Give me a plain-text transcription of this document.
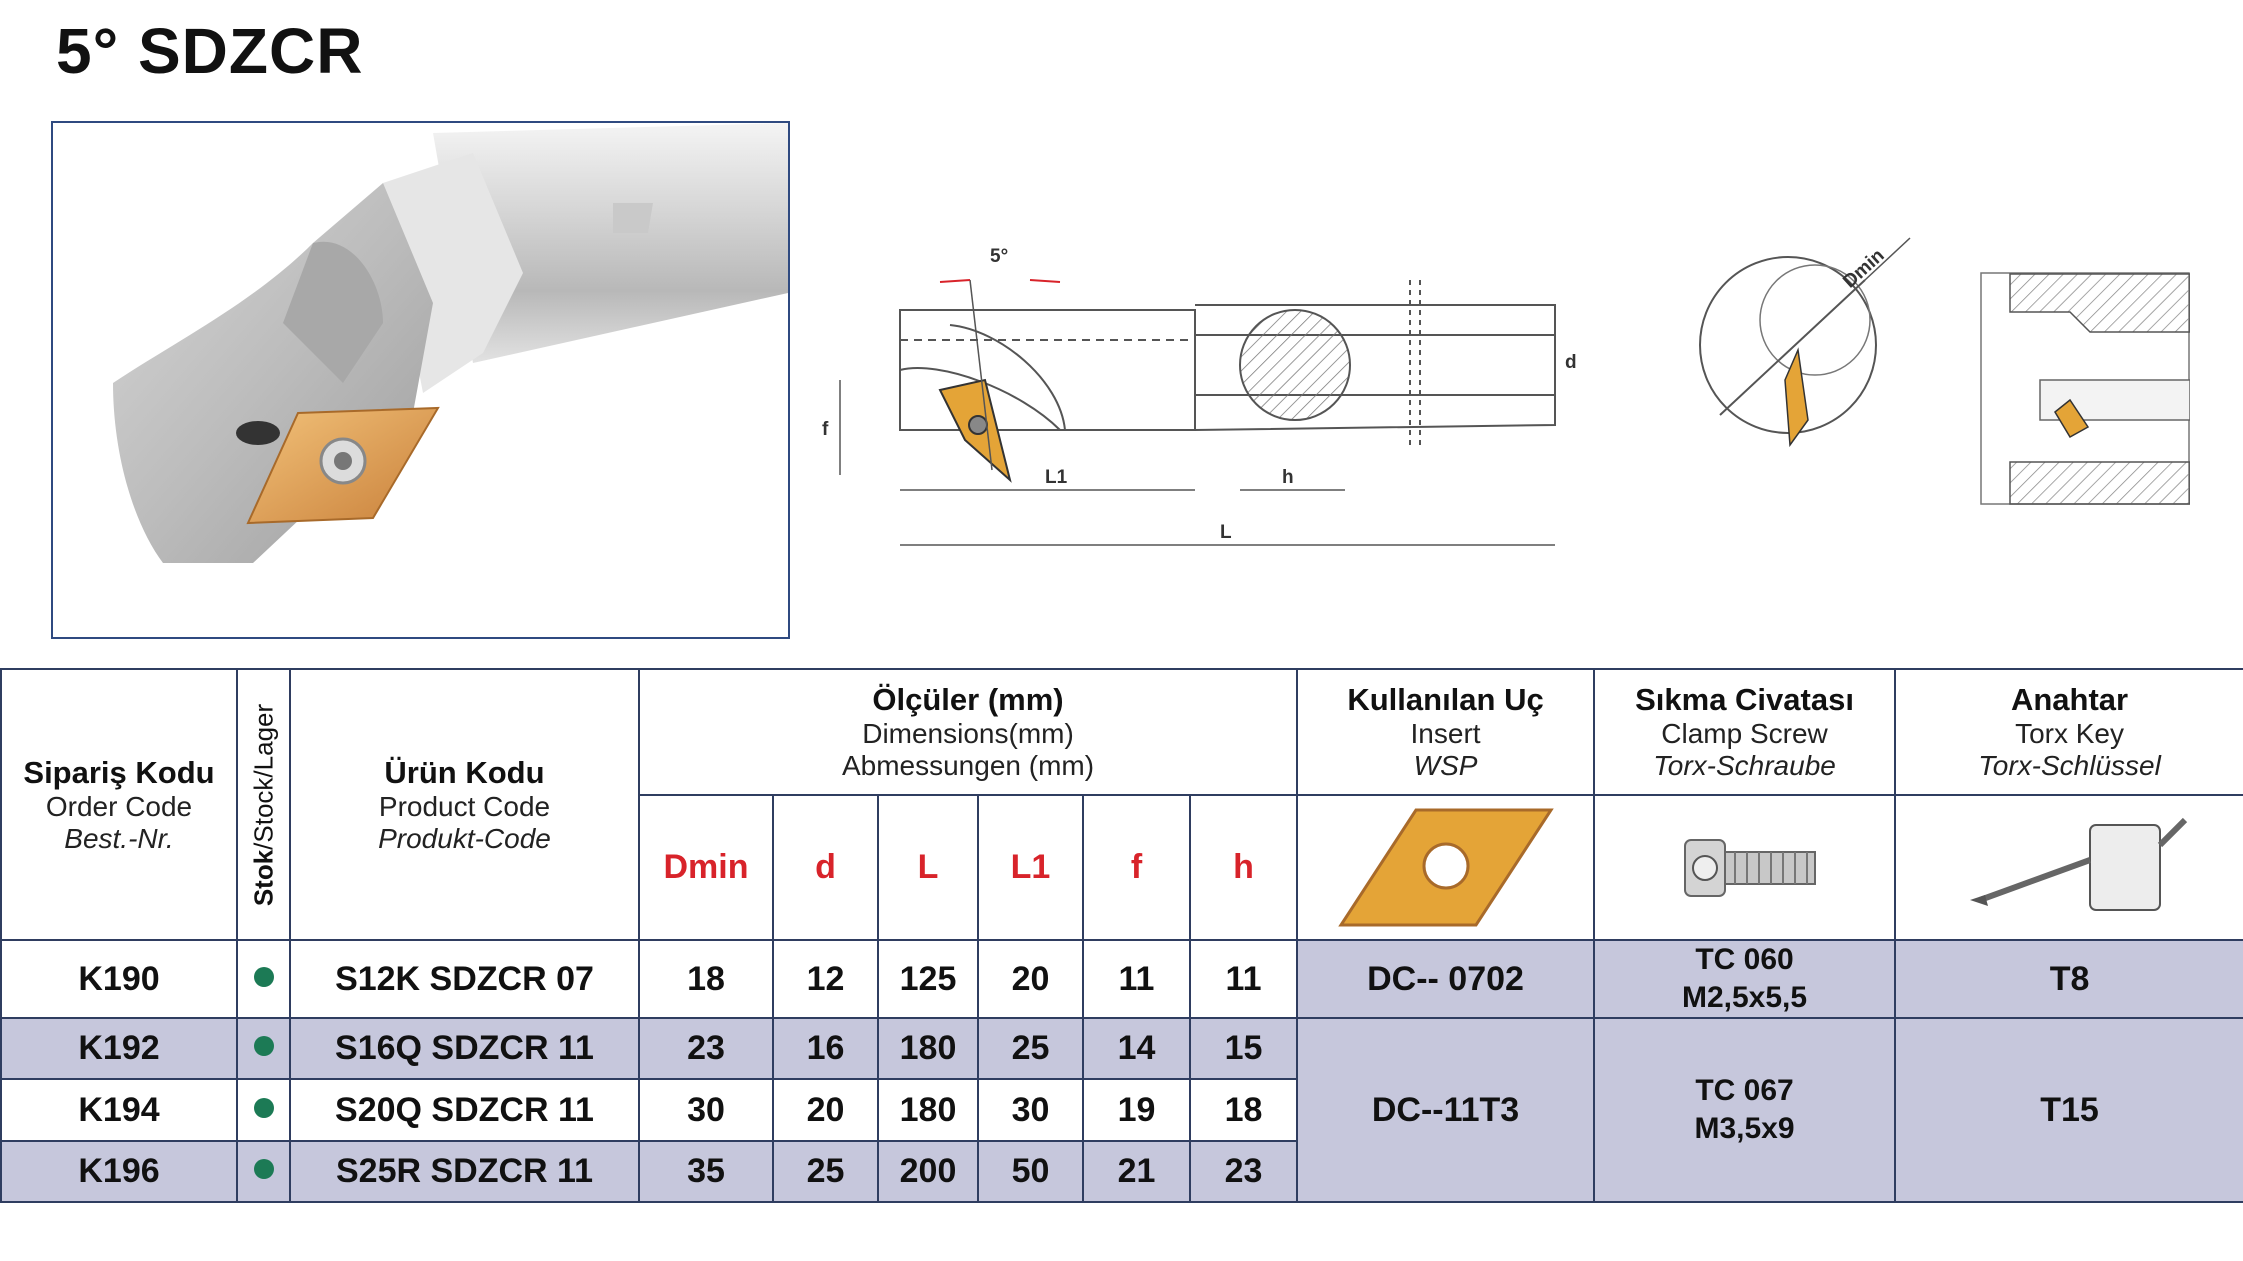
5° SDZCR
5°
d
f
L1	h
L
Dmin
Sipariş Kodu
Order Code
Best.-Nr.	Stok/Stock/Lager	Ürün Kodu
Product Code
Produkt-Code	Ölçüler (mm)
Dimensions(mm)
Abmessungen (mm)						Kullanılan Uç
Insert
WSP	Sıkma Civatası
Clamp Screw
Torx-Schraube	Anahtar
Torx Key
Torx-Schlüssel

			Dmin	d	L	L1	f	h			
K190		S12K SDZCR 07	18	12	125	20	11	11	DC-- 0702	TC 060
M2,5x5,5	T8
K192		S16Q SDZCR 11	23	16	180	25	14	15	DC--11T3	TC 067
M3,5x9	T15
K194		S20Q SDZCR 11	30	20	180	30	19	18			
K196		S25R SDZCR 11	35	25	200	50	21	23			
